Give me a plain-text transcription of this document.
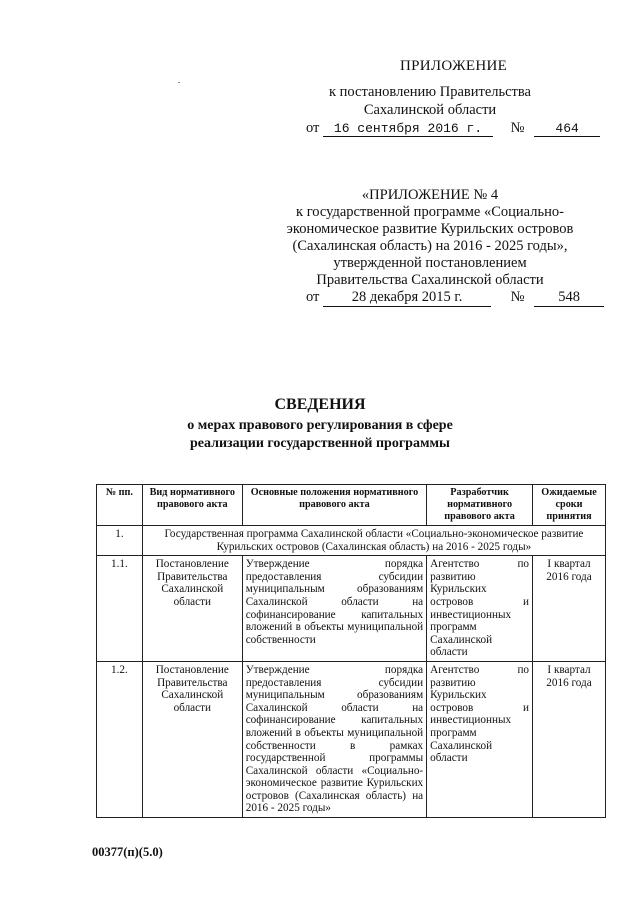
ПРИЛОЖЕНИЕ
к постановлению Правительства
Сахалинской области
от 16 сентября 2016 г. № 464
«ПРИЛОЖЕНИЕ № 4
к государственной программе «Социально-
экономическое развитие Курильских островов
(Сахалинская область) на 2016 - 2025 годы»,
утвержденной постановлением
Правительства Сахалинской области
от 28 декабря 2015 г.	№ 548
СВЕДЕНИЯ
о мерах правового регулирования в сфере
реализации государственной программы
№ пп.	Вид нормативного правового акта	Основные положения нормативного правового акта	Разработчик нормативного правового акта	Ожидаемые сроки принятия
1.	Государственная программа Сахалинской области «Социально-экономическое развитие Курильских островов (Сахалинская область) на 2016 - 2025 годы»			
1.1.	Постановление Правительства Сахалинской области	Утверждение порядка предоставления субсидии муниципальным образованиям Сахалинской области на софинансирование капитальных вложений в объекты муниципальной собственности	Агентство по развитию Курильских островов и инвестиционных программ Сахалинской области	I квартал 2016 года
1.2.	Постановление Правительства Сахалинской области	Утверждение порядка предоставления субсидии муниципальным образованиям Сахалинской области на софинансирование капитальных вложений в объекты муниципальной собственности в рамках государственной программы Сахалинской области «Социально-экономическое развитие Курильских островов (Сахалинская область) на 2016 - 2025 годы»	Агентство по развитию Курильских островов и инвестиционных программ Сахалинской области	I квартал 2016 года
00377(п)(5.0)
